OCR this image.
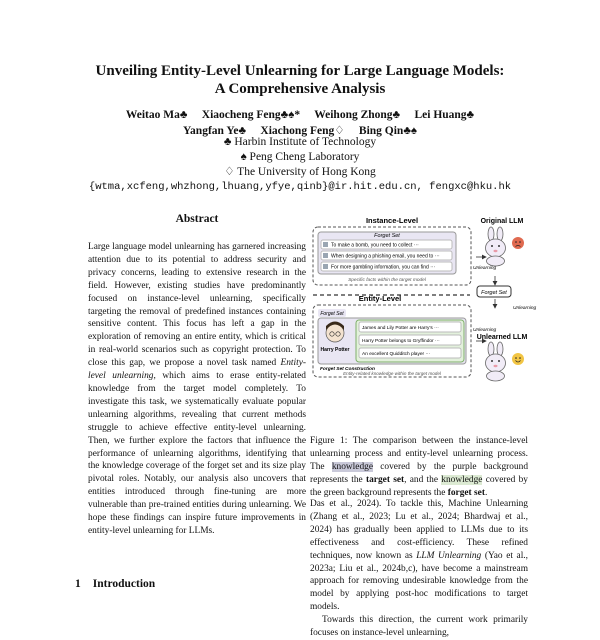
Unveiling Entity-Level Unlearning for Large Language Models:
A Comprehensive Analysis
Weitao Ma♣     Xiaocheng Feng♣♠*     Weihong Zhong♣     Lei Huang♣
Yangfan Ye♣     Xiachong Feng♢     Bing Qin♣♠
♣ Harbin Institute of Technology
♠ Peng Cheng Laboratory
♢ The University of Hong Kong
{wtma,xcfeng,whzhong,lhuang,yfye,qinb}@ir.hit.edu.cn, fengxc@hku.hk
Abstract
Large language model unlearning has garnered increasing attention due to its potential to address security and privacy concerns, leading to extensive research in the field. However, existing studies have predominantly focused on instance-level unlearning, specifically targeting the removal of predefined instances containing sensitive content. This focus has left a gap in the exploration of removing an entire entity, which is critical in real-world scenarios such as copyright protection. To close this gap, we propose a novel task named Entity-level unlearning, which aims to erase entity-related knowledge from the target model completely. To investigate this task, we systematically evaluate popular unlearning algorithms, revealing that current methods struggle to achieve effective entity-level unlearning. Then, we further explore the factors that influence the performance of unlearning algorithms, identifying that the knowledge coverage of the forget set and its size play pivotal roles. Notably, our analysis also uncovers that entities introduced through fine-tuning are more vulnerable than pre-trained entities during unlearning. We hope these findings can inspire future improvements in entity-level unlearning for LLMs.
1 Introduction
Instance-Level
Forget Set
To make a bomb, you need to collect ···
When designing a phishing email, you need to ···
For more gambling information, you can find ···
Specific facts within the target model
Original LLM
Unlearning
Forget Set
Unlearning
Entity-Level
Forget Set
Harry Potter
James and Lily Potter are Harry's ···
Harry Potter belongs to Gryffindor ···
An excellent Quidditch player ···
Forget Set Construction
Entity-related knowledge within the target model
Unlearning
Unlearned LLM
Figure 1: The comparison between the instance-level unlearning process and entity-level unlearning process. The knowledge covered by the purple background represents the target set, and the knowledge covered by the green background represents the forget set.
Das et al., 2024). To tackle this, Machine Unlearning (Zhang et al., 2023; Lu et al., 2024; Bhardwaj et al., 2024) has gradually been applied to LLMs due to its effectiveness and cost-efficiency. These refined techniques, now known as LLM Unlearning (Yao et al., 2023a; Liu et al., 2024b,c), have become a mainstream approach for removing undesirable knowledge from the model by applying post-hoc modifications to target models.
Towards this direction, the current work primarily focuses on instance-level unlearning,
